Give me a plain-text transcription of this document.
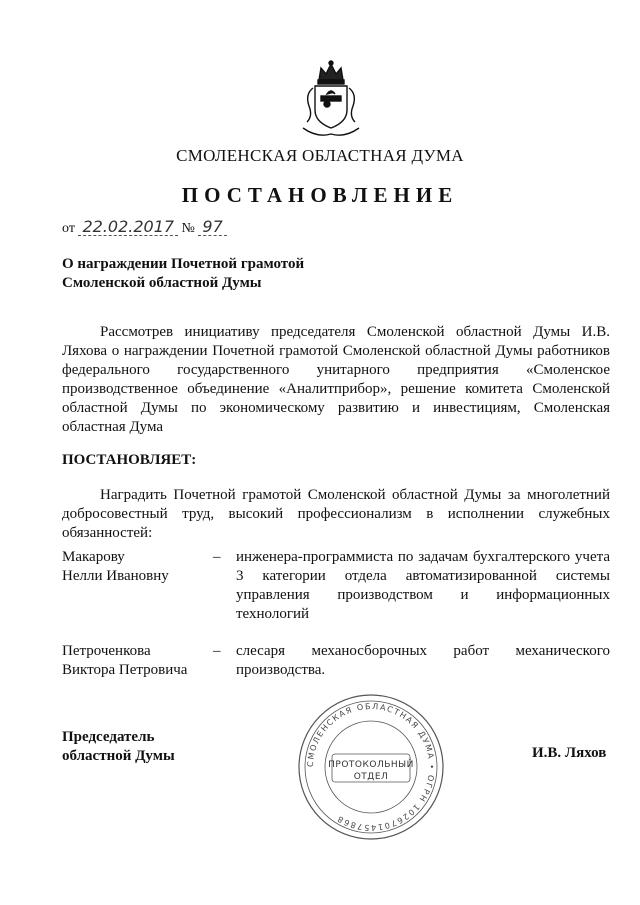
СМОЛЕНСКАЯ ОБЛАСТНАЯ ДУМА
ПОСТАНОВЛЕНИЕ
от 22.02.2017 № 97
О награждении Почетной грамотой
Смоленской областной Думы
Рассмотрев инициативу председателя Смоленской областной Думы И.В. Ляхова о награждении Почетной грамотой Смоленской областной Думы работников федерального государственного унитарного предприятия «Смоленское производственное объединение «Аналитприбор», решение комитета Смоленской областной Думы по экономическому развитию и инвестициям, Смоленская областная Дума
ПОСТАНОВЛЯЕТ:
Наградить Почетной грамотой Смоленской областной Думы за многолетний добросовестный труд, высокий профессионализм в исполнении служебных обязанностей:
Макарову
Нелли Ивановну
– инженера-программиста по задачам бухгалтерского учета 3 категории отдела автоматизированной системы управления производством и информационных технологий
Петроченкова
Виктора Петровича
– слесаря механосборочных работ механического производства.
СМОЛЕНСКАЯ ОБЛАСТНАЯ ДУМА • ОГРН 1026701457868
ПРОТОКОЛЬНЫЙ
ОТДЕЛ
Председатель
областной Думы	И.В. Ляхов
